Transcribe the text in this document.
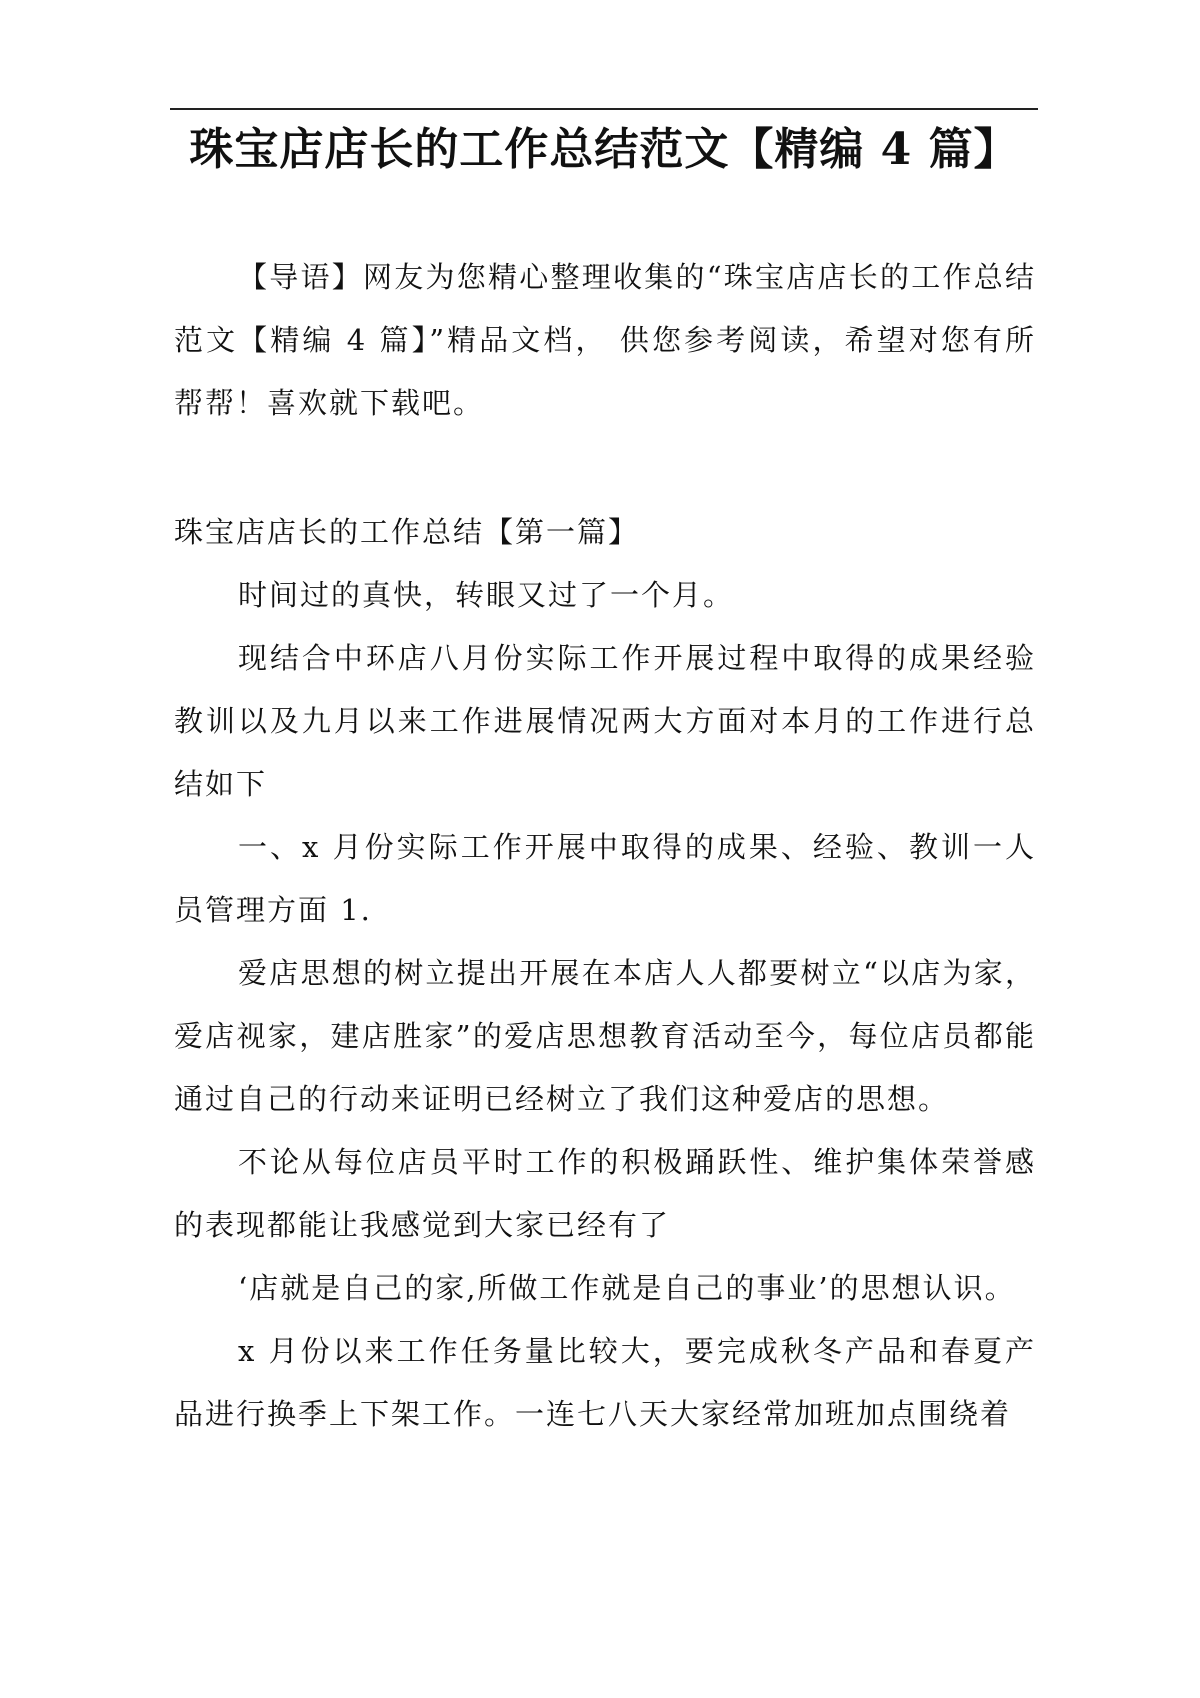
珠宝店店长的工作总结范文【精编 4 篇】

【导语】网友为您精心整理收集的“珠宝店店长的工作总结范文【精编 4 篇】”精品文档， 供您参考阅读，希望对您有所帮帮！喜欢就下载吧。

珠宝店店长的工作总结【第一篇】

时间过的真快，转眼又过了一个月。

现结合中环店八月份实际工作开展过程中取得的成果经验教训以及九月以来工作进展情况两大方面对本月的工作进行总结如下

一、x 月份实际工作开展中取得的成果、经验、教训一人员管理方面 1.

爱店思想的树立提出开展在本店人人都要树立“以店为家，爱店视家，建店胜家”的爱店思想教育活动至今，每位店员都能通过自己的行动来证明已经树立了我们这种爱店的思想。

不论从每位店员平时工作的积极踊跃性、维护集体荣誉感的表现都能让我感觉到大家已经有了

‘店就是自己的家,所做工作就是自己的事业’的思想认识。

x 月份以来工作任务量比较大，要完成秋冬产品和春夏产品进行换季上下架工作。一连七八天大家经常加班加点围绕着
